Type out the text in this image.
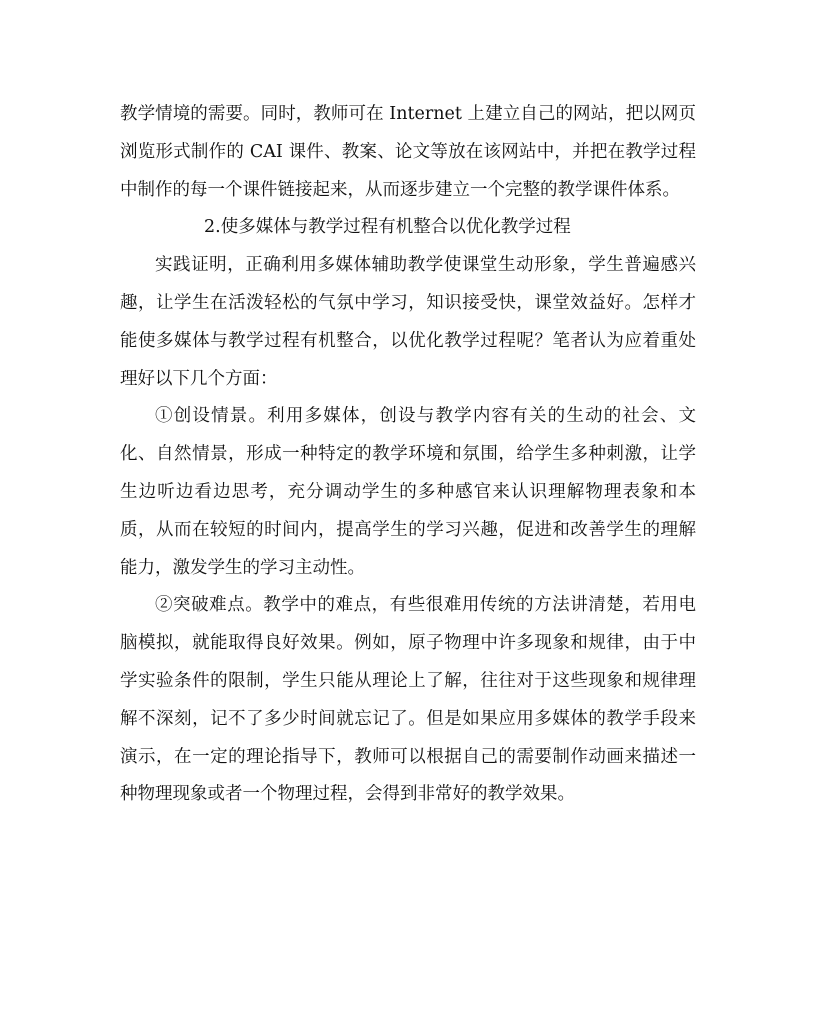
教学情境的需要。同时，教师可在 Internet 上建立自己的网站，把以网页浏览形式制作的 CAI 课件、教案、论文等放在该网站中，并把在教学过程中制作的每一个课件链接起来，从而逐步建立一个完整的教学课件体系。

2.使多媒体与教学过程有机整合以优化教学过程

实践证明，正确利用多媒体辅助教学使课堂生动形象，学生普遍感兴趣，让学生在活泼轻松的气氛中学习，知识接受快，课堂效益好。怎样才能使多媒体与教学过程有机整合，以优化教学过程呢？笔者认为应着重处理好以下几个方面：

①创设情景。利用多媒体，创设与教学内容有关的生动的社会、文化、自然情景，形成一种特定的教学环境和氛围，给学生多种刺激，让学生边听边看边思考，充分调动学生的多种感官来认识理解物理表象和本质，从而在较短的时间内，提高学生的学习兴趣，促进和改善学生的理解能力，激发学生的学习主动性。

②突破难点。教学中的难点，有些很难用传统的方法讲清楚，若用电脑模拟，就能取得良好效果。例如，原子物理中许多现象和规律，由于中学实验条件的限制，学生只能从理论上了解，往往对于这些现象和规律理解不深刻，记不了多少时间就忘记了。但是如果应用多媒体的教学手段来演示，在一定的理论指导下，教师可以根据自己的需要制作动画来描述一种物理现象或者一个物理过程，会得到非常好的教学效果。
